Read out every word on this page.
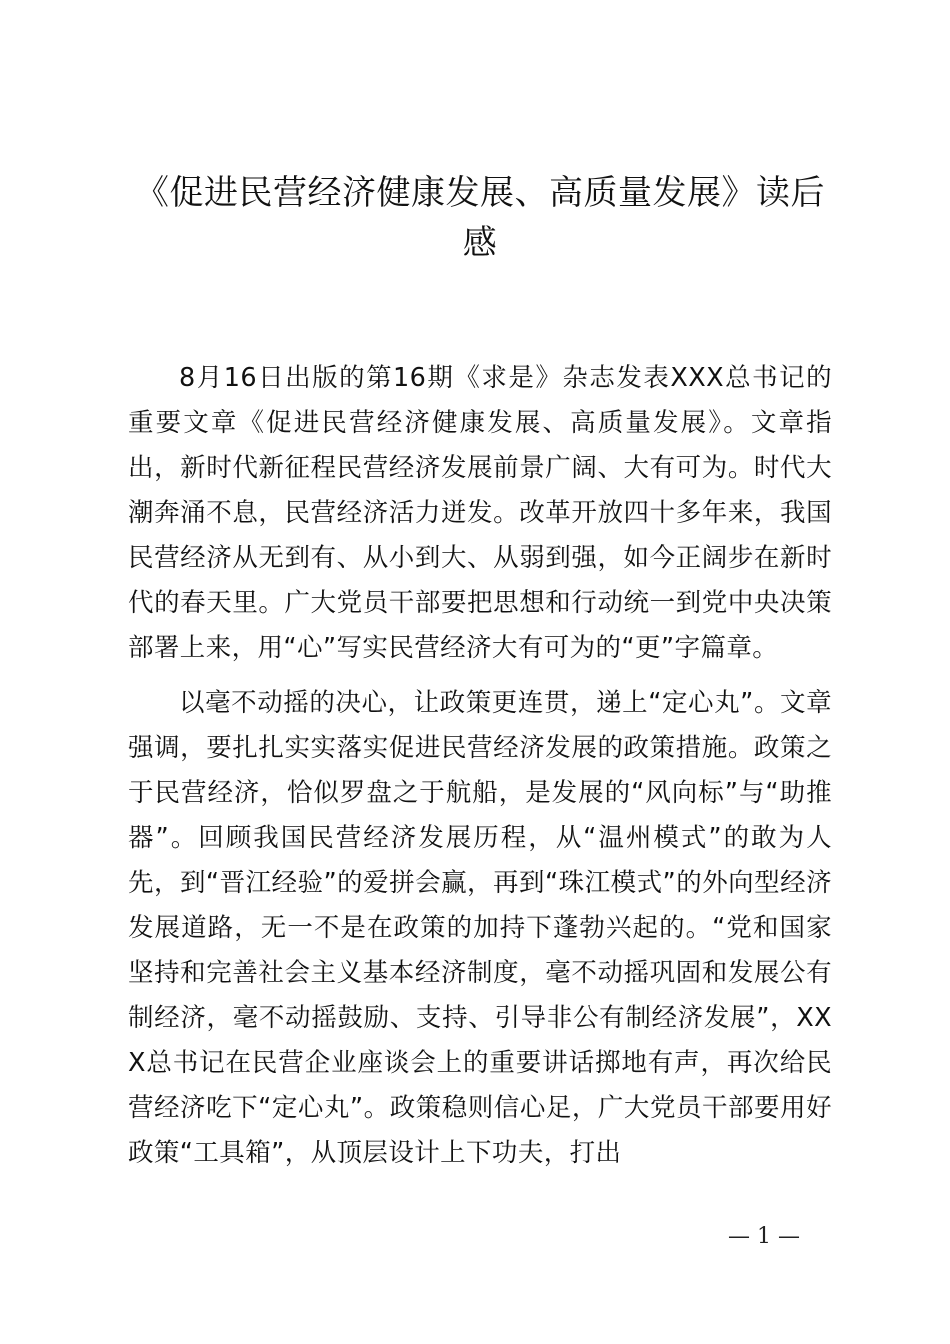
《促进民营经济健康发展、高质量发展》读后感

8月16日出版的第16期《求是》杂志发表XXX总书记的重要文章《促进民营经济健康发展、高质量发展》。文章指出，新时代新征程民营经济发展前景广阔、大有可为。时代大潮奔涌不息，民营经济活力迸发。改革开放四十多年来，我国民营经济从无到有、从小到大、从弱到强，如今正阔步在新时代的春天里。广大党员干部要把思想和行动统一到党中央决策部署上来，用“心”写实民营经济大有可为的“更”字篇章。

以毫不动摇的决心，让政策更连贯，递上“定心丸”。文章强调，要扎扎实实落实促进民营经济发展的政策措施。政策之于民营经济，恰似罗盘之于航船，是发展的“风向标”与“助推器”。回顾我国民营经济发展历程，从“温州模式”的敢为人先，到“晋江经验”的爱拼会赢，再到“珠江模式”的外向型经济发展道路，无一不是在政策的加持下蓬勃兴起的。“党和国家坚持和完善社会主义基本经济制度，毫不动摇巩固和发展公有制经济，毫不动摇鼓励、支持、引导非公有制经济发展”，XXX总书记在民营企业座谈会上的重要讲话掷地有声，再次给民营经济吃下“定心丸”。政策稳则信心足，广大党员干部要用好政策“工具箱”，从顶层设计上下功夫，打出

— 1 —
